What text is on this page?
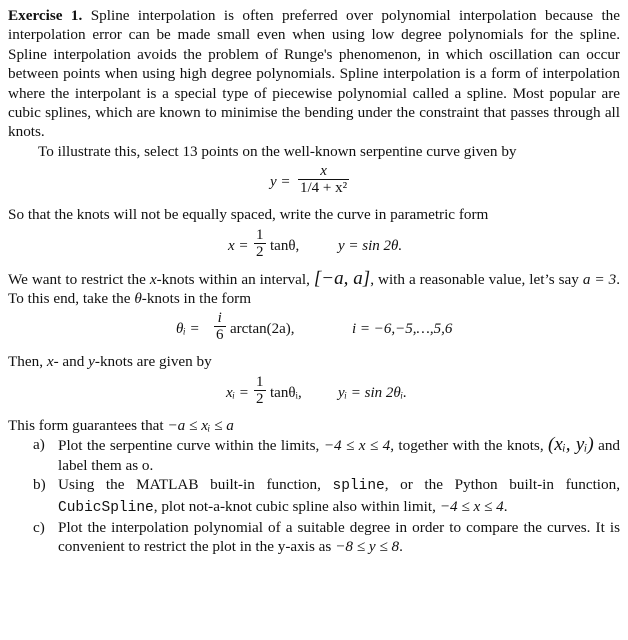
Exercise 1. Spline interpolation is often preferred over polynomial interpolation because the interpolation error can be made small even when using low degree polynomials for the spline. Spline interpolation avoids the problem of Runge's phenomenon, in which oscillation can occur between points when using high degree polynomials. Spline interpolation is a form of interpolation where the interpolant is a special type of piecewise polynomial called a spline. Most popular are cubic splines, which are known to minimise the bending under the constraint that passes through all knots.

To illustrate this, select 13 points on the well-known serpentine curve given by

$y = \frac{x}{\text{1/4 + x²}}$

So that the knots will not be equally spaced, write the curve in parametric form

$x = \frac{1}{2} \tan\theta$,	y = sin 2θ.

We want to restrict the x-knots within an interval, [−a, a], with a reasonable value, let’s say a = 3. To this end, take the θ-knots in the form

θᵢ = $\frac{i}{6} \arctan(2a)$,	i = −6,−5,…,5,6

Then, x- and y-knots are given by

xᵢ = $\frac{1}{2}$ tanθᵢ, yᵢ = sin 2θᵢ.

This form guarantees that −a ≤ xᵢ ≤ a

a) Plot the serpentine curve within the limits, −4 ≤ x ≤ 4, together with the knots, (xᵢ, yᵢ) and label them as o.
b) Using the MATLAB built-in function, spline, or the Python built-in function, CubicSpline, plot not-a-knot cubic spline also within limit, −4 ≤ x ≤ 4.
c) Plot the interpolation polynomial of a suitable degree in order to compare the curves. It is convenient to restrict the plot in the y-axis as −8 ≤ y ≤ 8.
